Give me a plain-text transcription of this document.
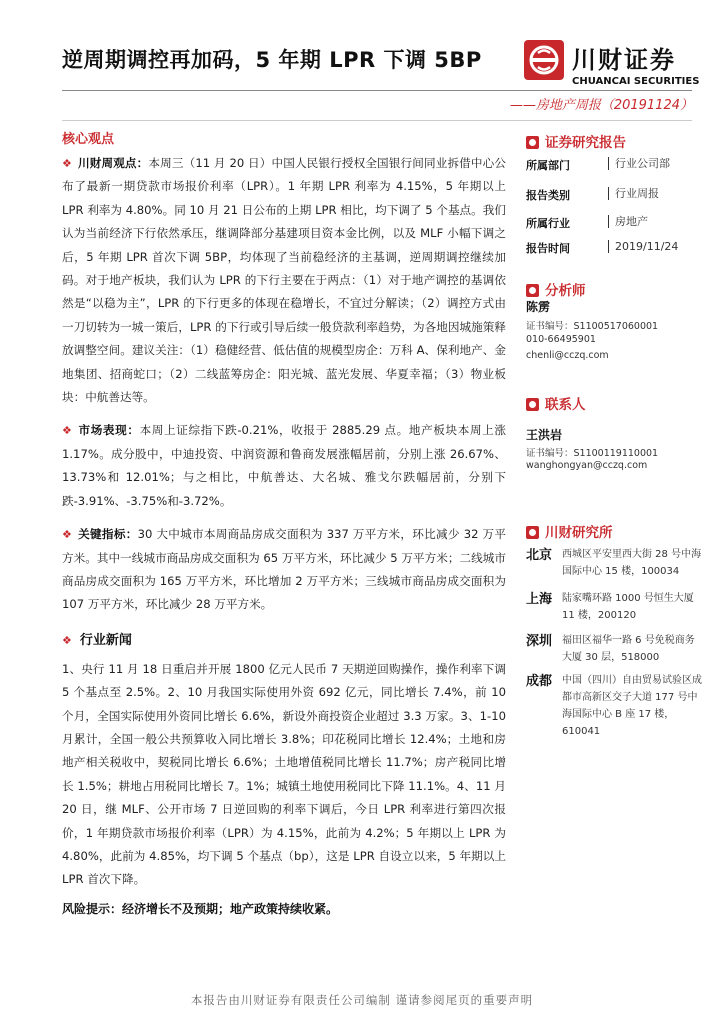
逆周期调控再加码，5 年期 LPR 下调 5BP	川财证券
CHUANCAI SECURITIES
——房地产周报（20191124）
核心观点
❖ 川财周观点：本周三（11 月 20 日）中国人民银行授权全国银行间同业拆借中心公布了最新一期贷款市场报价利率（LPR）。1 年期 LPR 利率为 4.15%，5 年期以上 LPR 利率为 4.80%。同 10 月 21 日公布的上期 LPR 相比，均下调了 5 个基点。我们认为当前经济下行依然承压，继调降部分基建项目资本金比例，以及 MLF 小幅下调之后，5 年期 LPR 首次下调 5BP，均体现了当前稳经济的主基调，逆周期调控继续加码。对于地产板块，我们认为 LPR 的下行主要在于两点：（1）对于地产调控的基调依然是“以稳为主”，LPR 的下行更多的体现在稳增长，不宜过分解读；（2）调控方式由一刀切转为一城一策后，LPR 的下行或引导后续一般贷款利率趋势，为各地因城施策释放调整空间。建议关注：（1）稳健经营、低估值的规模型房企：万科 A、保利地产、金地集团、招商蛇口；（2）二线蓝筹房企：阳光城、蓝光发展、华夏幸福；（3）物业板块：中航善达等。
❖ 市场表现：本周上证综指下跌-0.21%，收报于 2885.29 点。地产板块本周上涨 1.17%。成分股中，中迪投资、中润资源和鲁商发展涨幅居前，分别上涨 26.67%、13.73%和 12.01%；与之相比，中航善达、大名城、雅戈尔跌幅居前，分别下跌-3.91%、-3.75%和-3.72%。
❖ 关键指标：30 大中城市本周商品房成交面积为 337 万平方米，环比减少 32 万平方米。其中一线城市商品房成交面积为 65 万平方米，环比减少 5 万平方米；二线城市商品房成交面积为 165 万平方米，环比增加 2 万平方米；三线城市商品房成交面积为 107 万平方米，环比减少 28 万平方米。
❖ 行业新闻
1、央行 11 月 18 日重启并开展 1800 亿元人民币 7 天期逆回购操作，操作利率下调 5 个基点至 2.5%。2、10 月我国实际使用外资 692 亿元，同比增长 7.4%，前 10 个月，全国实际使用外资同比增长 6.6%，新设外商投资企业超过 3.3 万家。3、1-10 月累计，全国一般公共预算收入同比增长 3.8%；印花税同比增长 12.4%；土地和房地产相关税收中，契税同比增长 6.6%；土地增值税同比增长 11.7%；房产税同比增长 1.5%；耕地占用税同比增长 7。1%；城镇土地使用税同比下降 11.1%。4、11 月 20 日，继 MLF、公开市场 7 日逆回购的利率下调后，今日 LPR 利率进行第四次报价，1 年期贷款市场报价利率（LPR）为 4.15%，此前为 4.2%；5 年期以上 LPR 为 4.80%，此前为 4.85%，均下调 5 个基点（bp），这是 LPR 自设立以来，5 年期以上 LPR 首次下降。
风险提示：经济增长不及预期；地产政策持续收紧。
证券研究报告
所属部门	行业公司部
报告类别	行业周报
所属行业	房地产
报告时间	2019/11/24
分析师
陈雳
证书编号：S1100517060001
010-66495901
chenli@cczq.com
联系人
王洪岩
证书编号：S1100119110001
wanghongyan@cczq.com
川财研究所
北京 西城区平安里西大街 28 号中海国际中心 15 楼，100034
上海 陆家嘴环路 1000 号恒生大厦 11 楼，200120
深圳 福田区福华一路 6 号免税商务大厦 30 层，518000
成都 中国（四川）自由贸易试验区成都市高新区交子大道 177 号中海国际中心 B 座 17 楼，610041
本报告由川财证券有限责任公司编制 谨请参阅尾页的重要声明
